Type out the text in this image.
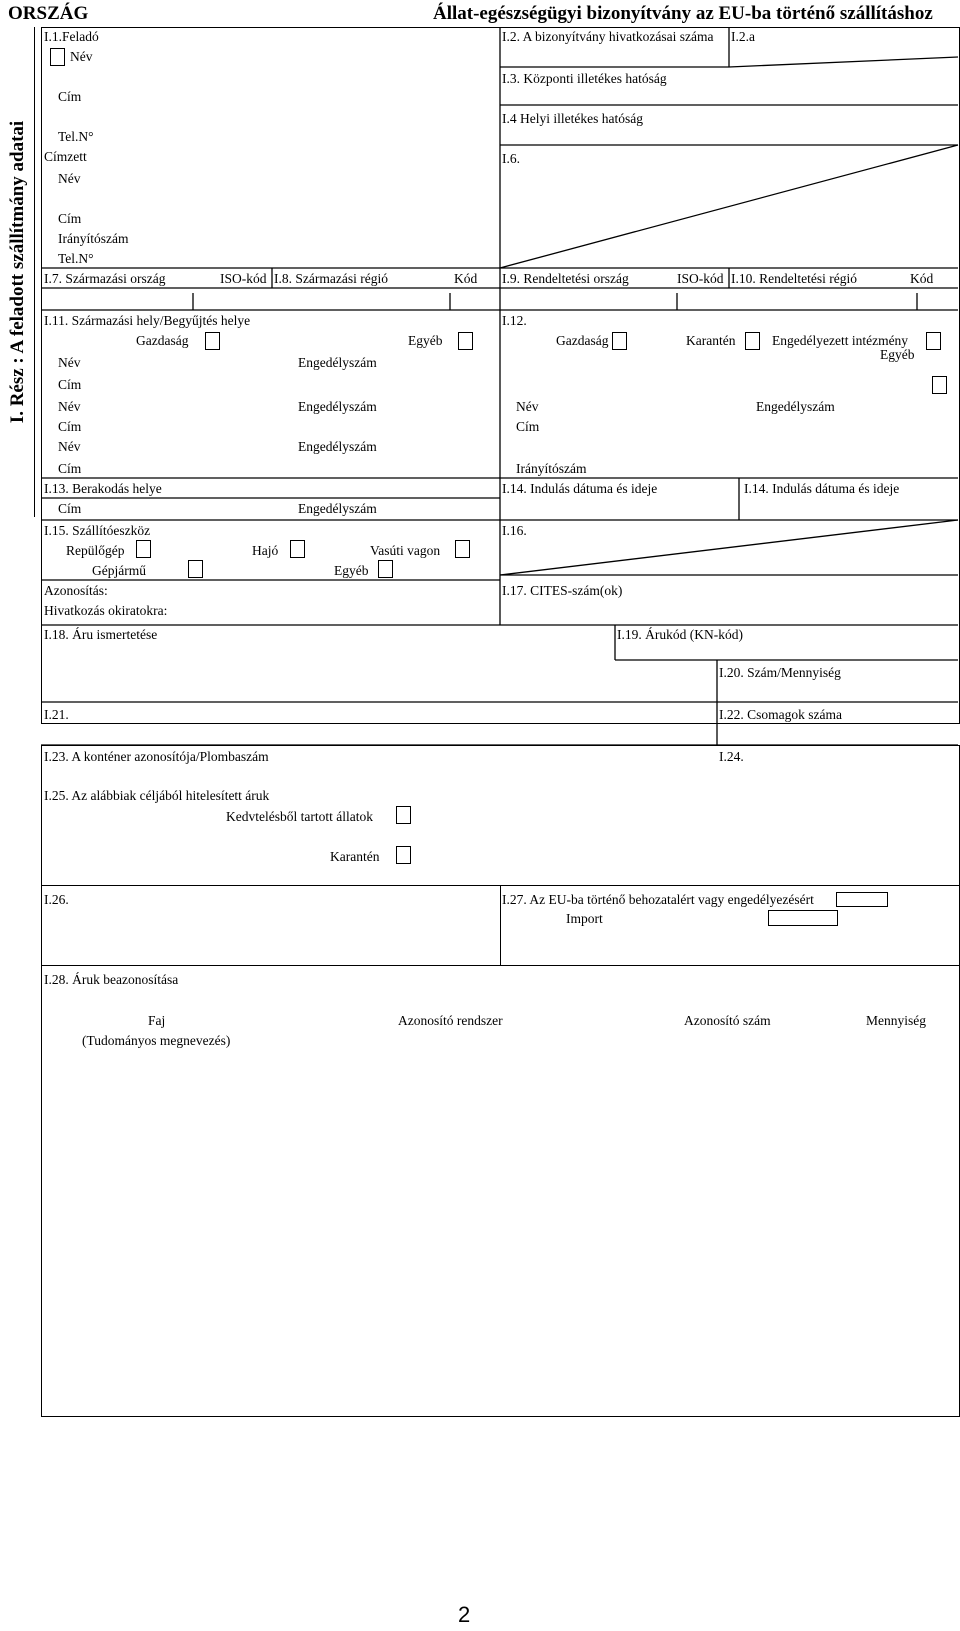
ORSZÁG	Állat-egészségügyi bizonyítvány az EU-ba történő szállításhoz
I. Rész : A feladott szállítmány adatai
I.1.Feladó
Név
Cím
Tel.N°
Címzett
Név
Cím
Irányítószám
Tel.N°
I.2. A bizonyítvány hivatkozásai száma I.2.a
I.3. Központi illetékes hatóság
I.4 Helyi illetékes hatóság
I.6.
I.7. Származási ország	ISO-kód I.8. Származási régió	Kód I.9. Rendeltetési ország	ISO-kód I.10. Rendeltetési régió	Kód
I.11. Származási hely/Begyűjtés helye
Gazdaság	Egyéb
Név	Engedélyszám
Cím
Név	Engedélyszám
Cím
Név	Engedélyszám
Cím
I.12.
Gazdaság	Karantén	Engedélyezett intézmény
Egyéb
Név	Engedélyszám
Cím
Irányítószám
I.13. Berakodás helye
Cím	Engedélyszám
I.14. Indulás dátuma és ideje	I.14. Indulás dátuma és ideje
I.15. Szállítóeszköz
Repülőgép	Hajó	Vasúti vagon
Gépjármű	Egyéb
Azonosítás:
Hivatkozás okiratokra:
I.16.
I.17. CITES-szám(ok)
I.18. Áru ismertetése	I.19. Árukód (KN-kód)
I.20. Szám/Mennyiség
I.21.	I.22. Csomagok száma
I.23. A konténer azonosítója/Plombaszám	I.24.
I.25. Az alábbiak céljából hitelesített áruk
Kedvtelésből tartott állatok
Karantén
I.26.	I.27. Az EU-ba történő behozatalért vagy engedélyezésért
Import
I.28. Áruk beazonosítása
Faj
(Tudományos megnevezés)
Azonosító rendszer	Azonosító szám	Mennyiség
2
